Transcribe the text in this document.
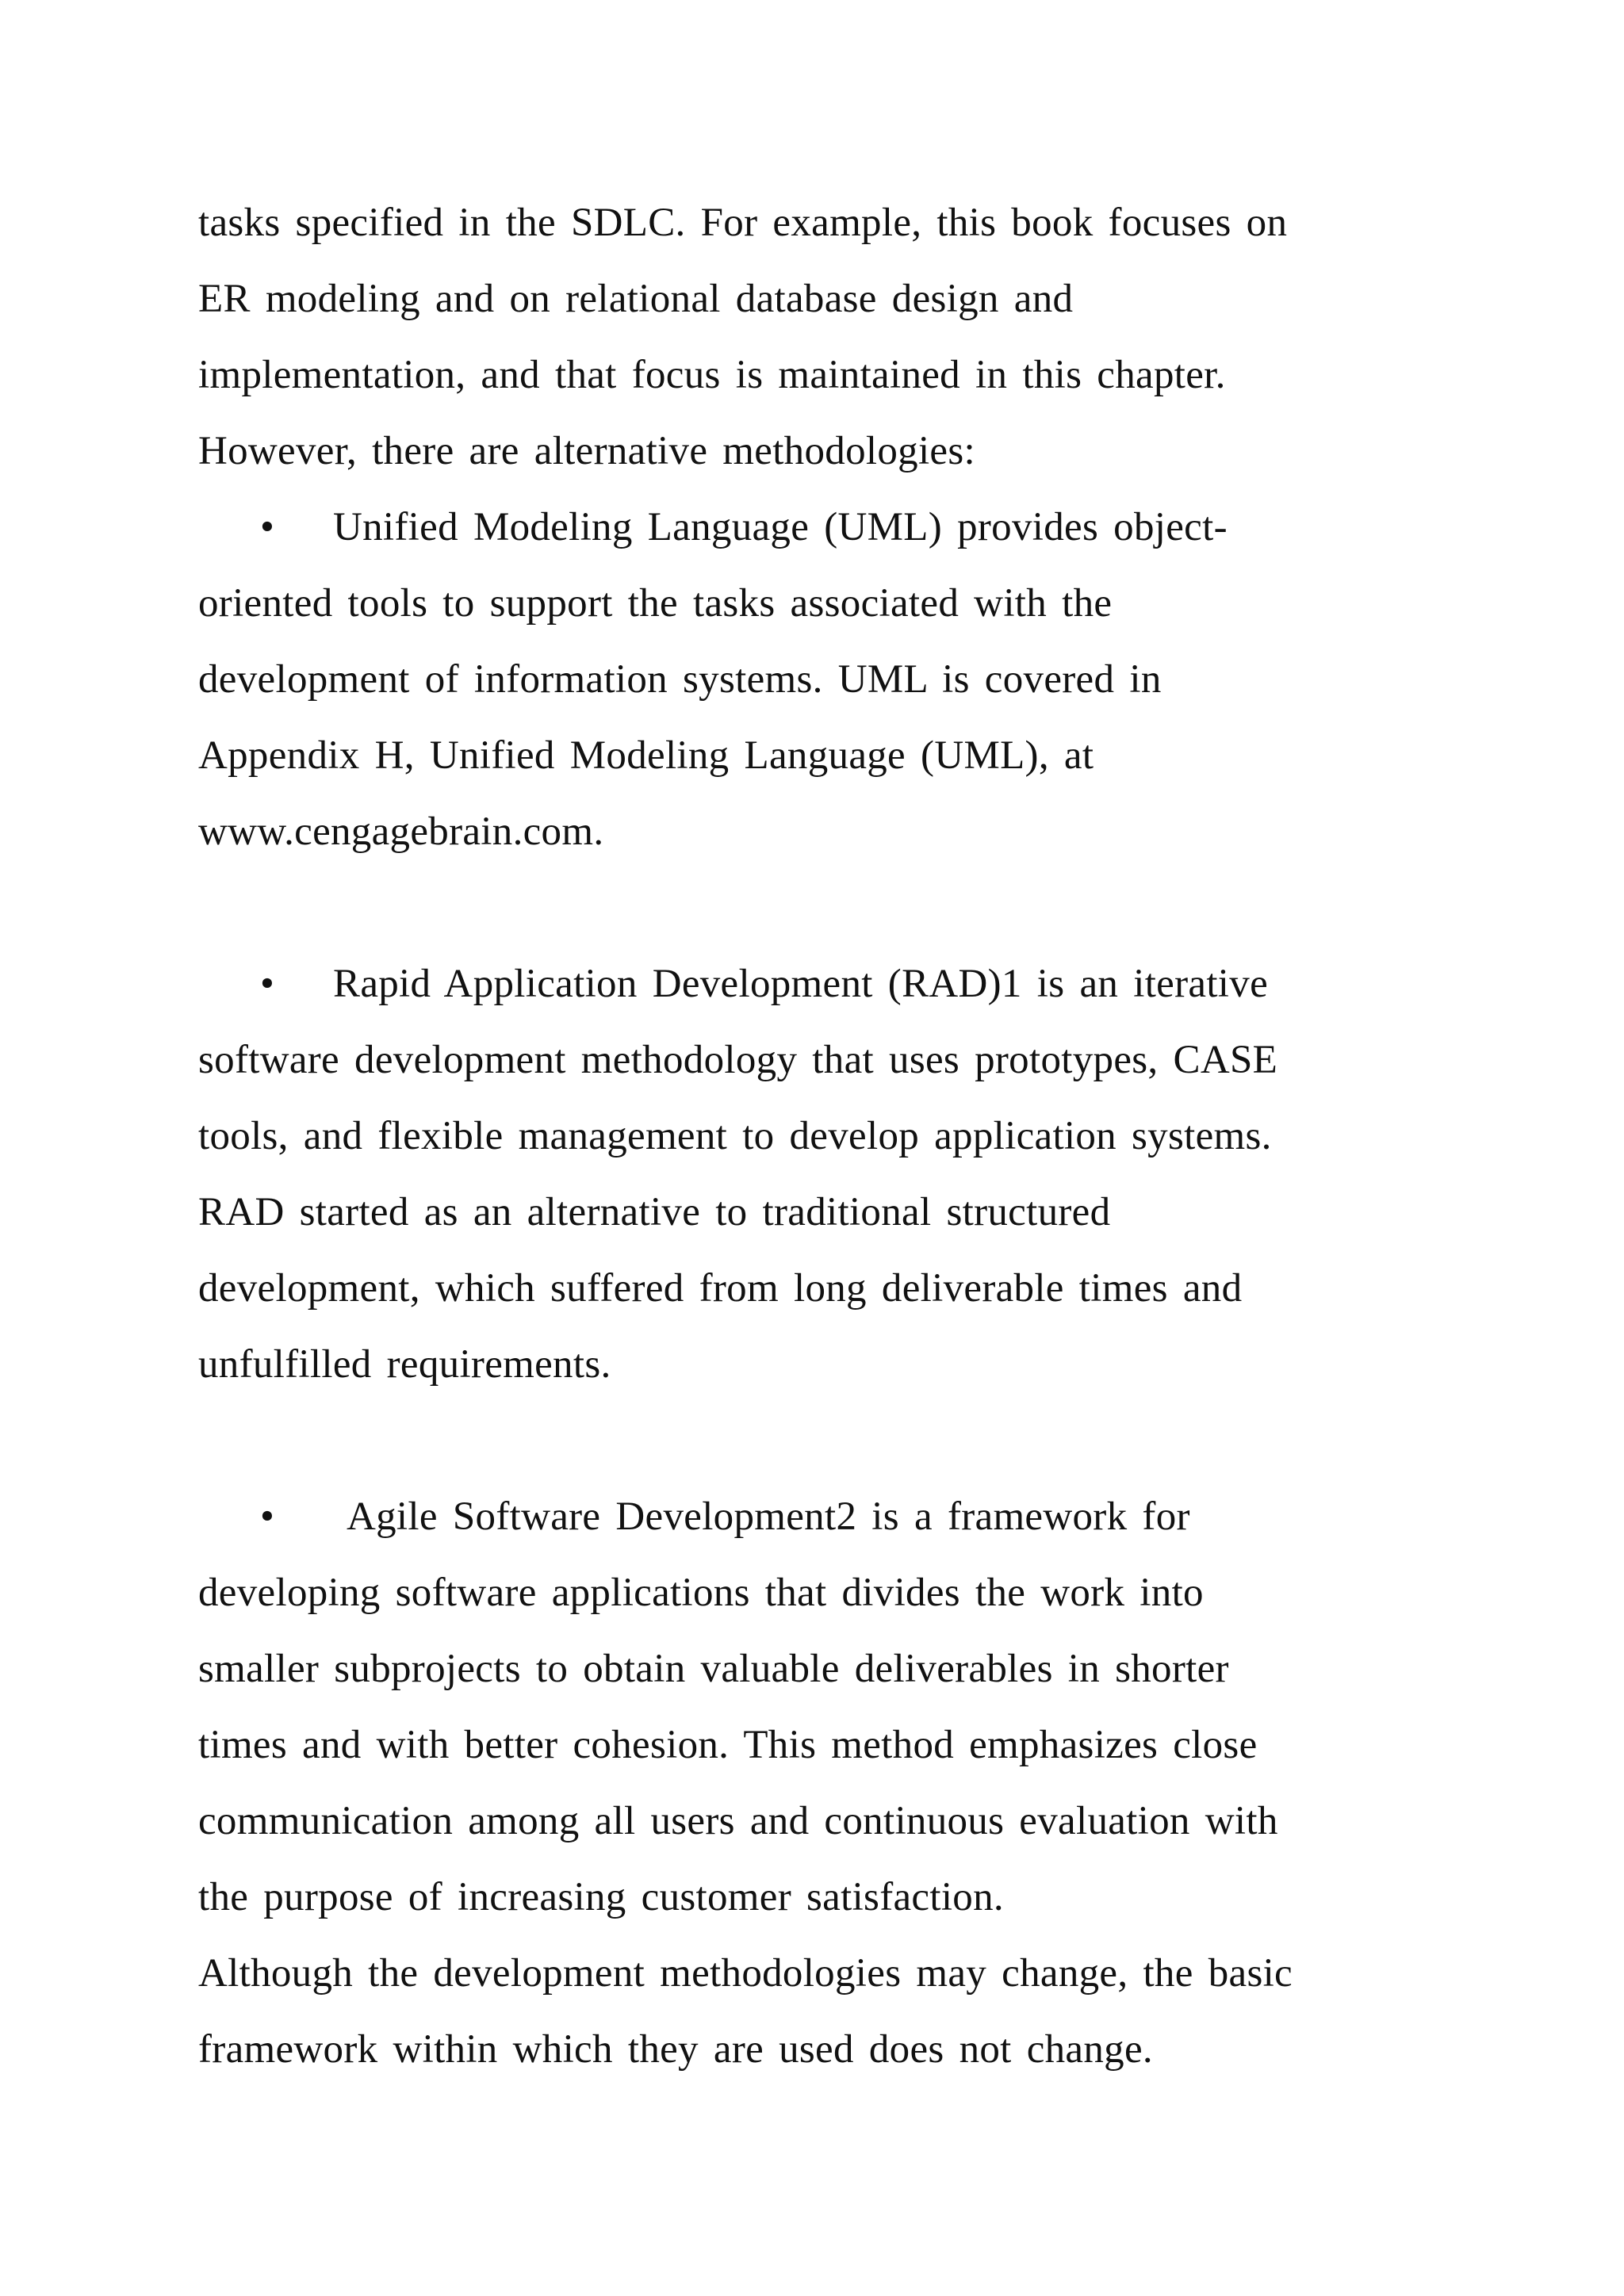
tasks specified in the SDLC. For example, this book focuses on
ER modeling and on relational database design and
implementation, and that focus is maintained in this chapter.
However, there are alternative methodologies:
• Unified Modeling Language (UML) provides object-
oriented tools to support the tasks associated with the
development of information systems. UML is covered in
Appendix H, Unified Modeling Language (UML), at
www.cengagebrain.com.
• Rapid Application Development (RAD)1 is an iterative
software development methodology that uses prototypes, CASE
tools, and flexible management to develop application systems.
RAD started as an alternative to traditional structured
development, which suffered from long deliverable times and
unfulfilled requirements.
• Agile Software Development2 is a framework for
developing software applications that divides the work into
smaller subprojects to obtain valuable deliverables in shorter
times and with better cohesion. This method emphasizes close
communication among all users and continuous evaluation with
the purpose of increasing customer satisfaction.
Although the development methodologies may change, the basic
framework within which they are used does not change.
